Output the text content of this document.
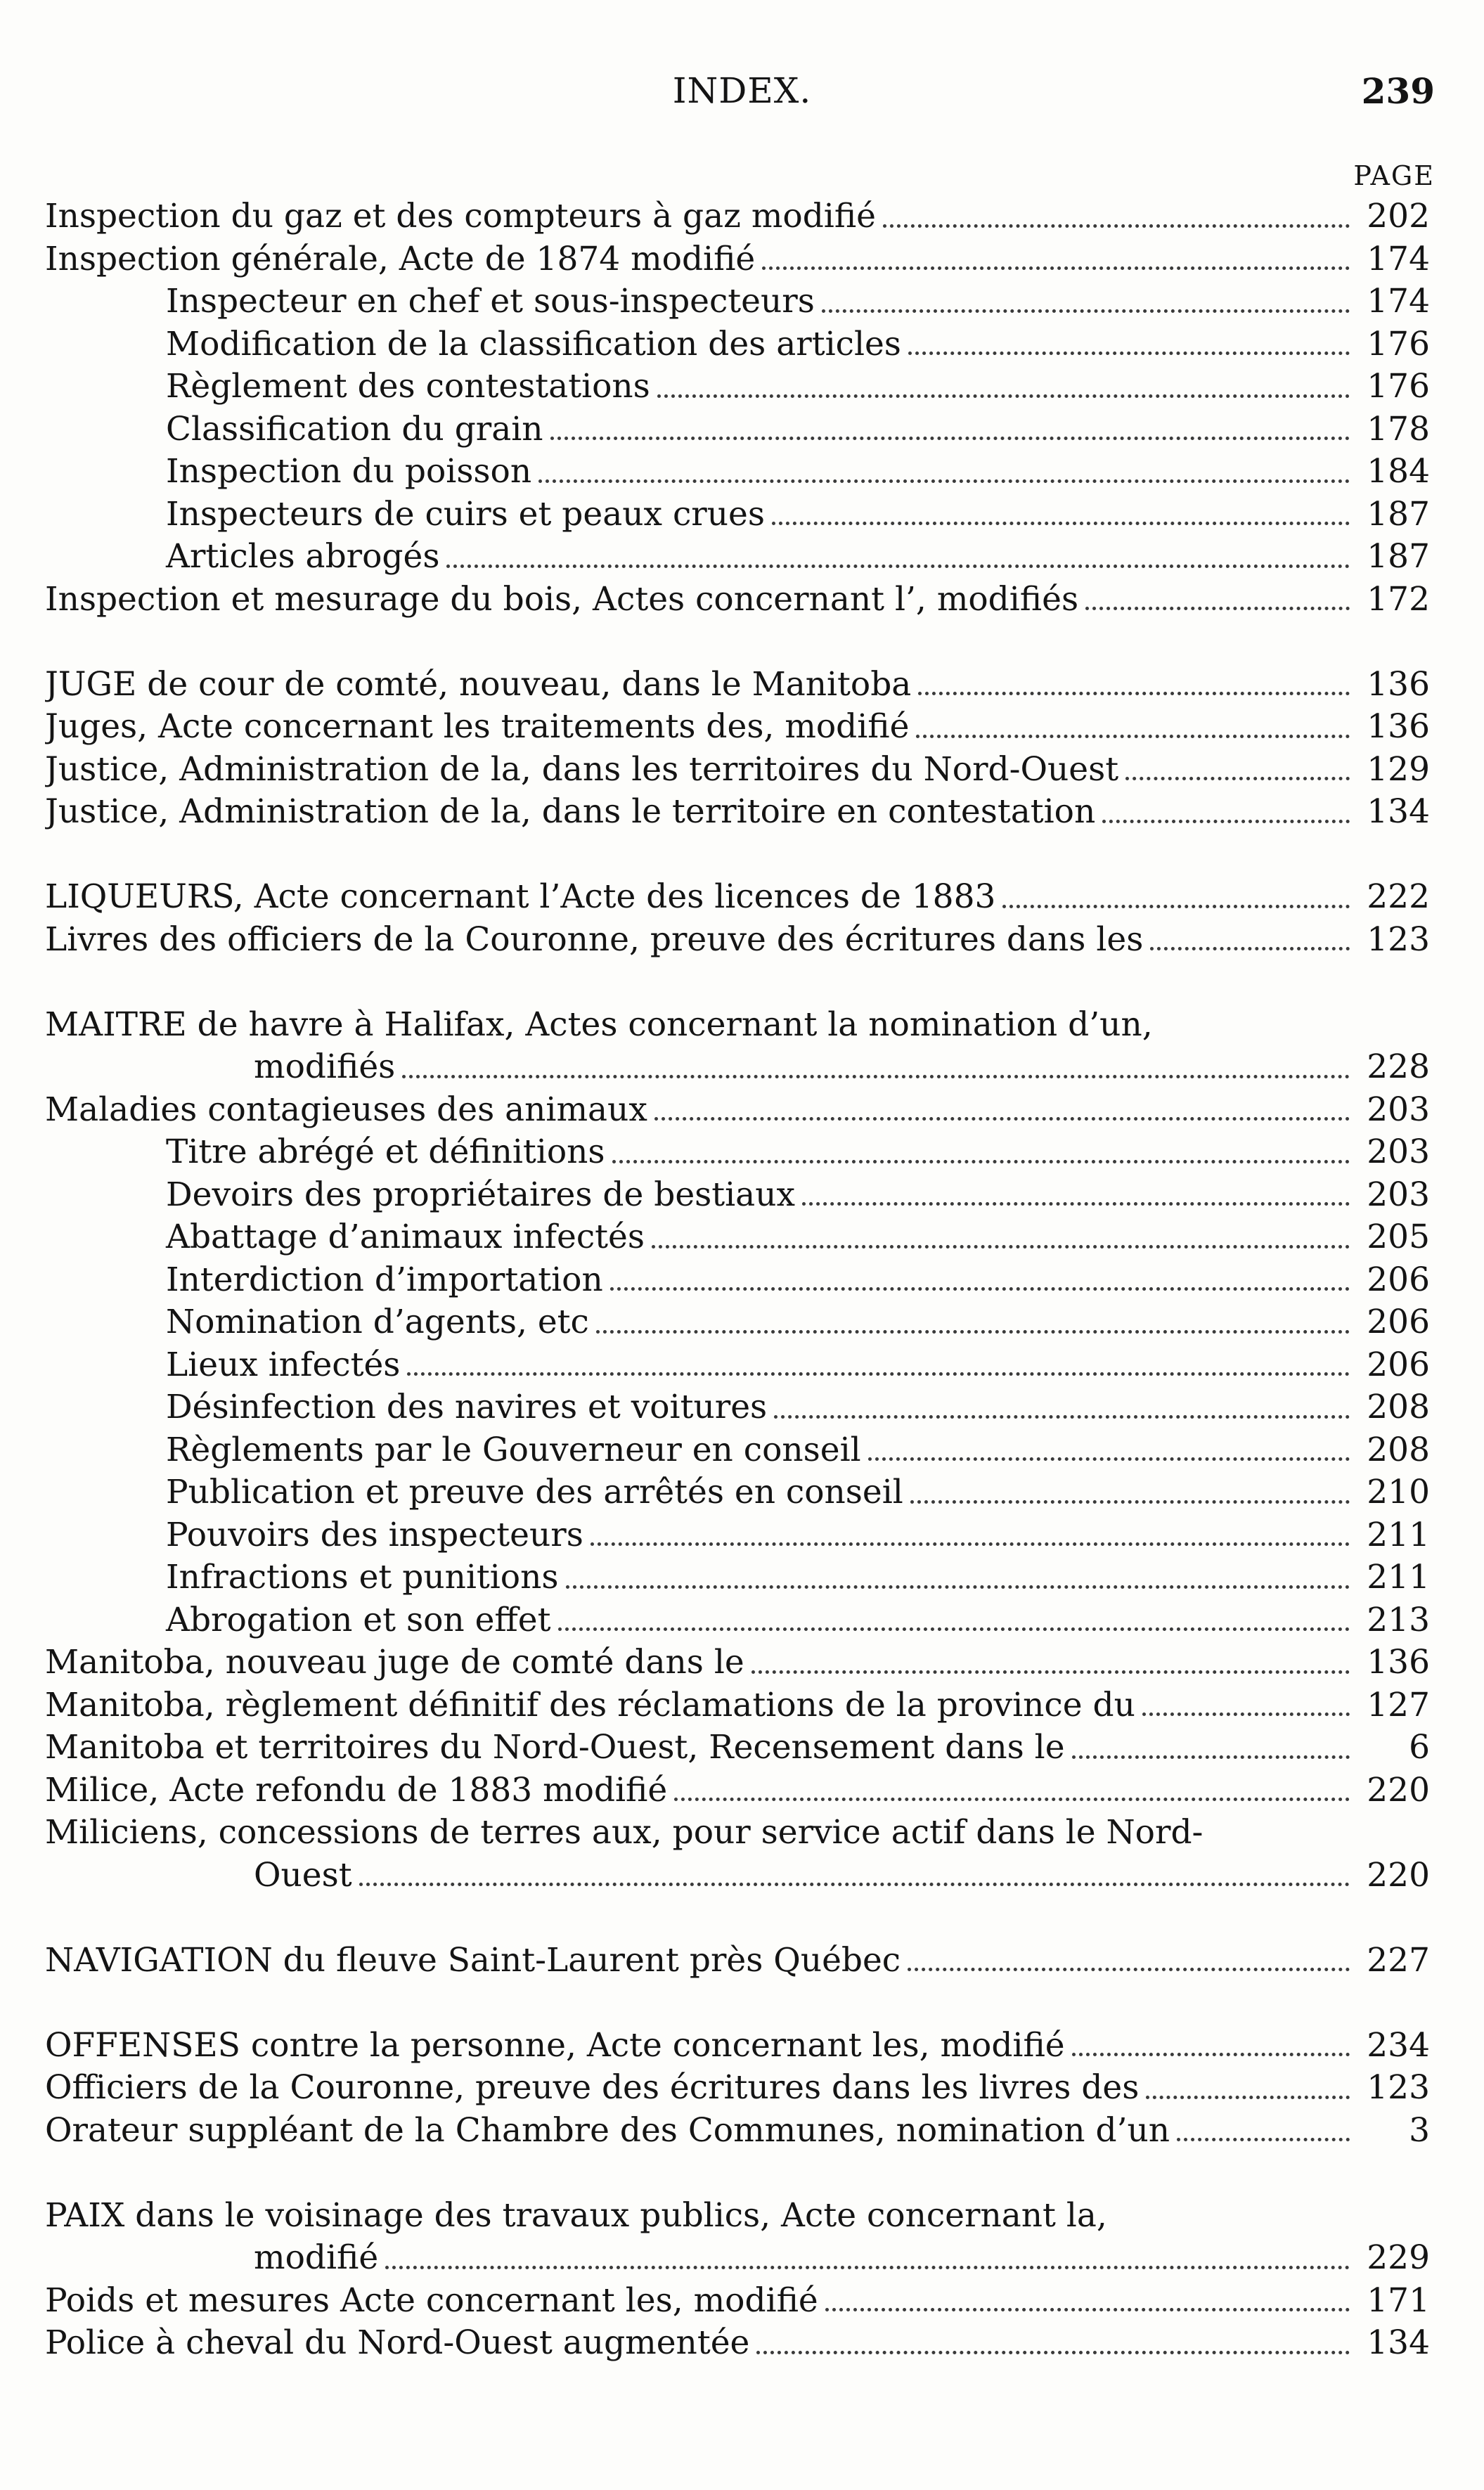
INDEX.	239
PAGE
Inspection du gaz et des compteurs à gaz modifié	202
Inspection générale, Acte de 1874 modifié	174
Inspecteur en chef et sous-inspecteurs	174
Modification de la classification des articles	176
Règlement des contestations	176
Classification du grain	178
Inspection du poisson	184
Inspecteurs de cuirs et peaux crues	187
Articles abrogés	187
Inspection et mesurage du bois, Actes concernant l’, modifiés	172
JUGE de cour de comté, nouveau, dans le Manitoba	136
Juges, Acte concernant les traitements des, modifié	136
Justice, Administration de la, dans les territoires du Nord-Ouest	129
Justice, Administration de la, dans le territoire en contestation	134
LIQUEURS, Acte concernant l’Acte des licences de 1883	222
Livres des officiers de la Couronne, preuve des écritures dans les	123
MAITRE de havre à Halifax, Actes concernant la nomination d’un,
modifiés	228
Maladies contagieuses des animaux	203
Titre abrégé et définitions	203
Devoirs des propriétaires de bestiaux	203
Abattage d’animaux infectés	205
Interdiction d’importation	206
Nomination d’agents, etc	206
Lieux infectés	206
Désinfection des navires et voitures	208
Règlements par le Gouverneur en conseil	208
Publication et preuve des arrêtés en conseil	210
Pouvoirs des inspecteurs	211
Infractions et punitions	211
Abrogation et son effet	213
Manitoba, nouveau juge de comté dans le	136
Manitoba, règlement définitif des réclamations de la province du	127
Manitoba et territoires du Nord-Ouest, Recensement dans le	6
Milice, Acte refondu de 1883 modifié	220
Miliciens, concessions de terres aux, pour service actif dans le Nord-
Ouest	220
NAVIGATION du fleuve Saint-Laurent près Québec	227
OFFENSES contre la personne, Acte concernant les, modifié	234
Officiers de la Couronne, preuve des écritures dans les livres des	123
Orateur suppléant de la Chambre des Communes, nomination d’un	3
PAIX dans le voisinage des travaux publics, Acte concernant la,
modifié	229
Poids et mesures Acte concernant les, modifié	171
Police à cheval du Nord-Ouest augmentée	134
